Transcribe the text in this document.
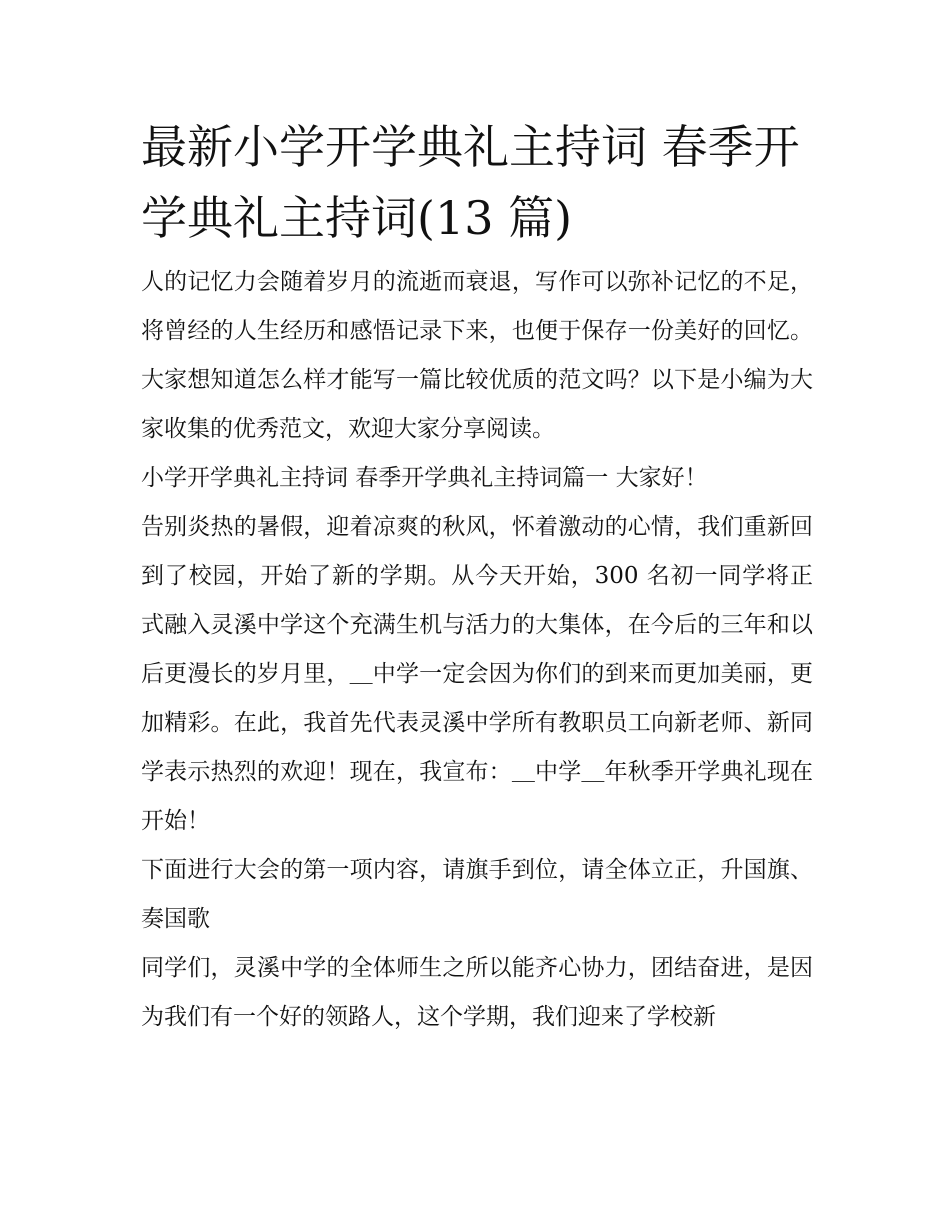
最新小学开学典礼主持词 春季开学典礼主持词(13 篇)

人的记忆力会随着岁月的流逝而衰退，写作可以弥补记忆的不足，将曾经的人生经历和感悟记录下来，也便于保存一份美好的回忆。大家想知道怎么样才能写一篇比较优质的范文吗？以下是小编为大家收集的优秀范文，欢迎大家分享阅读。

小学开学典礼主持词 春季开学典礼主持词篇一 大家好！

告别炎热的暑假，迎着凉爽的秋风，怀着激动的心情，我们重新回到了校园，开始了新的学期。从今天开始，300 名初一同学将正式融入灵溪中学这个充满生机与活力的大集体，在今后的三年和以后更漫长的岁月里，＿中学一定会因为你们的到来而更加美丽，更加精彩。在此，我首先代表灵溪中学所有教职员工向新老师、新同学表示热烈的欢迎！现在，我宣布：＿中学＿年秋季开学典礼现在开始！

下面进行大会的第一项内容，请旗手到位，请全体立正，升国旗、奏国歌

同学们，灵溪中学的全体师生之所以能齐心协力，团结奋进，是因为我们有一个好的领路人，这个学期，我们迎来了学校新
